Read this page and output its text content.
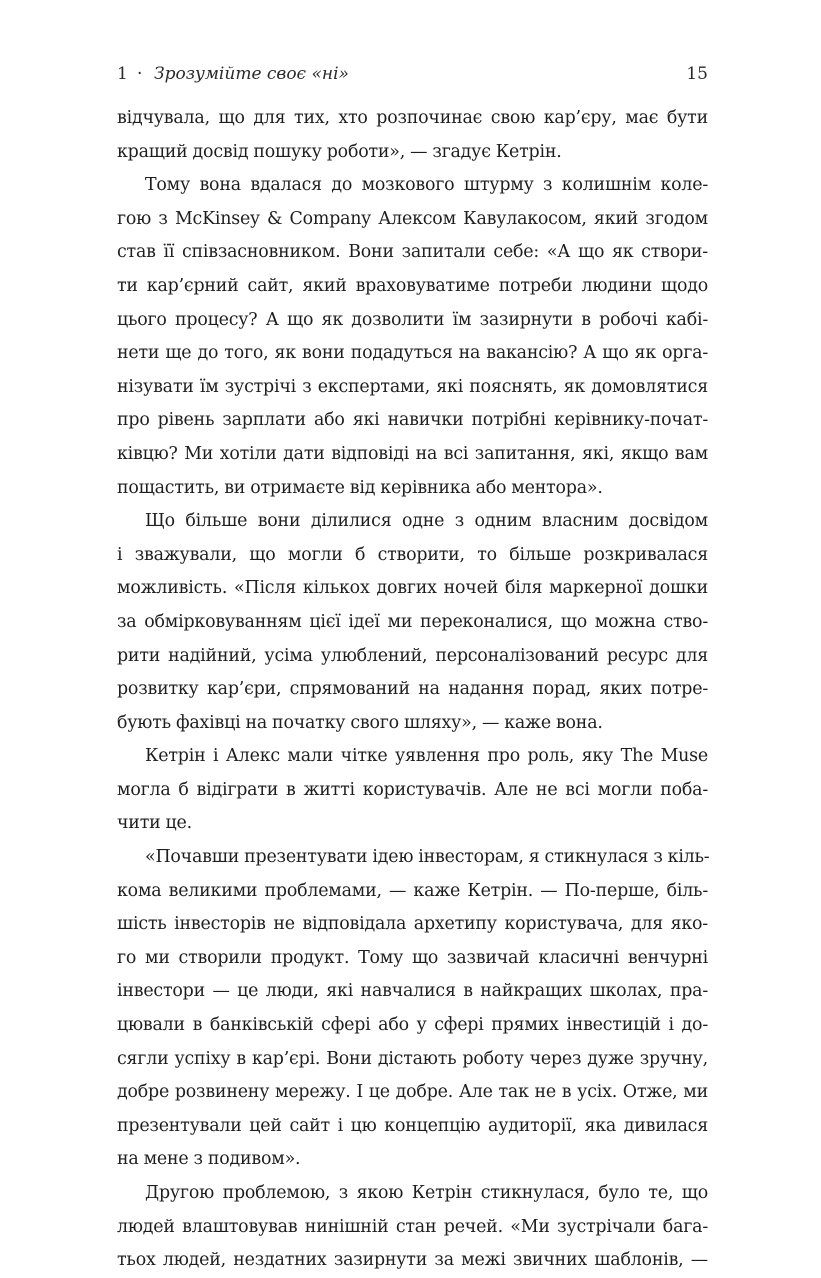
1 · Зрозумійте своє «ні»	15
відчувала, що для тих, хто розпочинає свою кар’єру, має бути
кращий досвід пошуку роботи», — згадує Кетрін.
Тому вона вдалася до мозкового штурму з колишнім коле-
гою з McKinsey & Company Алексом Кавулакосом, який згодом
став її співзасновником. Вони запитали себе: «А що як створи-
ти кар’єрний сайт, який враховуватиме потреби людини щодо
цього процесу? А що як дозволити їм зазирнути в робочі кабі-
нети ще до того, як вони подадуться на вакансію? А що як орга-
нізувати їм зустрічі з експертами, які пояснять, як домовлятися
про рівень зарплати або які навички потрібні керівнику-почат-
ківцю? Ми хотіли дати відповіді на всі запитання, які, якщо вам
пощастить, ви отримаєте від керівника або ментора».
Що більше вони ділилися одне з одним власним досвідом
і зважували, що могли б створити, то більше розкривалася
можливість. «Після кількох довгих ночей біля маркерної дошки
за обмірковуванням цієї ідеї ми переконалися, що можна ство-
рити надійний, усіма улюблений, персоналізований ресурс для
розвитку кар’єри, спрямований на надання порад, яких потре-
бують фахівці на початку свого шляху», — каже вона.
Кетрін і Алекс мали чітке уявлення про роль, яку The Muse
могла б відіграти в житті користувачів. Але не всі могли поба-
чити це.
«Почавши презентувати ідею інвесторам, я стикнулася з кіль-
кома великими проблемами, — каже Кетрін. — По-перше, біль-
шість інвесторів не відповідала архетипу користувача, для яко-
го ми створили продукт. Тому що зазвичай класичні венчурні
інвестори — це люди, які навчалися в найкращих школах, пра-
цювали в банківській сфері або у сфері прямих інвестицій і до-
сягли успіху в кар’єрі. Вони дістають роботу через дуже зручну,
добре розвинену мережу. І це добре. Але так не в усіх. Отже, ми
презентували цей сайт і цю концепцію аудиторії, яка дивилася
на мене з подивом».
Другою проблемою, з якою Кетрін стикнулася, було те, що
людей влаштовував нинішній стан речей. «Ми зустрічали бага-
тьох людей, нездатних зазирнути за межі звичних шаблонів, —
